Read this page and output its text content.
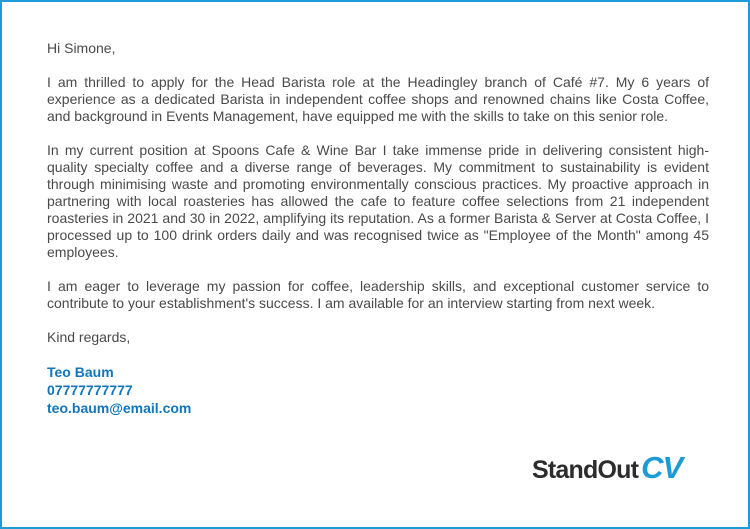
Hi Simone,

I am thrilled to apply for the Head Barista role at the Headingley branch of Café #7. My 6 years of experience as a dedicated Barista in independent coffee shops and renowned chains like Costa Coffee, and background in Events Management, have equipped me with the skills to take on this senior role.

In my current position at Spoons Cafe & Wine Bar I take immense pride in delivering consistent high-quality specialty coffee and a diverse range of beverages. My commitment to sustainability is evident through minimising waste and promoting environmentally conscious practices. My proactive approach in partnering with local roasteries has allowed the cafe to feature coffee selections from 21 independent roasteries in 2021 and 30 in 2022, amplifying its reputation. As a former Barista & Server at Costa Coffee, I processed up to 100 drink orders daily and was recognised twice as "Employee of the Month" among 45 employees.

I am eager to leverage my passion for coffee, leadership skills, and exceptional customer service to contribute to your establishment's success. I am available for an interview starting from next week.

Kind regards,

Teo Baum
07777777777
teo.baum@email.com
StandOut CV
